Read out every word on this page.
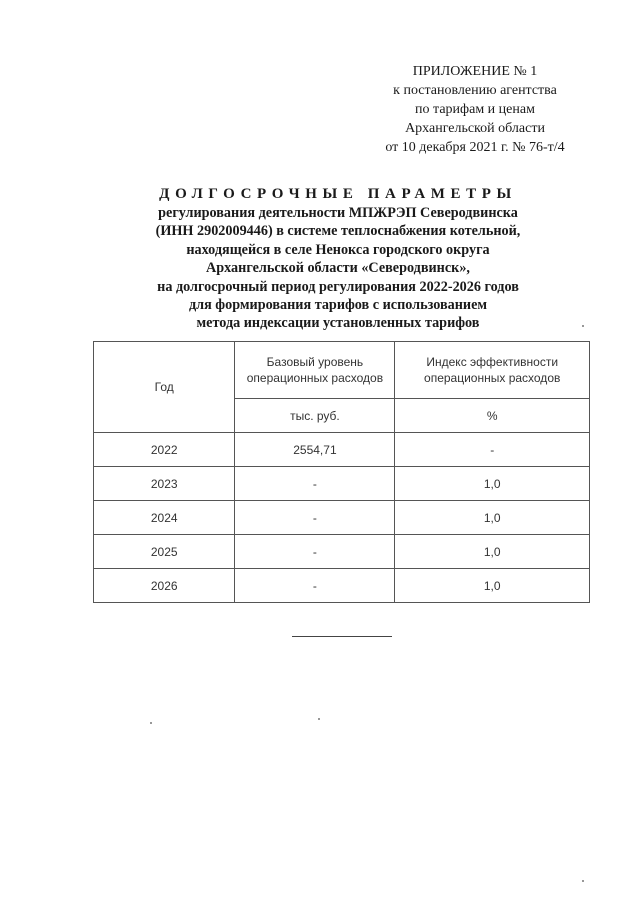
ПРИЛОЖЕНИЕ № 1
к постановлению агентства
по тарифам и ценам
Архангельской области
от 10 декабря 2021 г. № 76-т/4
ДОЛГОСРОЧНЫЕ ПАРАМЕТРЫ
регулирования деятельности МПЖРЭП Северодвинска
(ИНН 2902009446) в системе теплоснабжения котельной,
находящейся в селе Ненокса городского округа
Архангельской области «Северодвинск»,
на долгосрочный период регулирования 2022-2026 годов
для формирования тарифов с использованием
метода индексации установленных тарифов
Год	Базовый уровень операционных расходов	Индекс эффективности операционных расходов
	тыс. руб.	%
2022	2554,71	-
2023	-	1,0
2024	-	1,0
2025	-	1,0
2026	-	1,0
